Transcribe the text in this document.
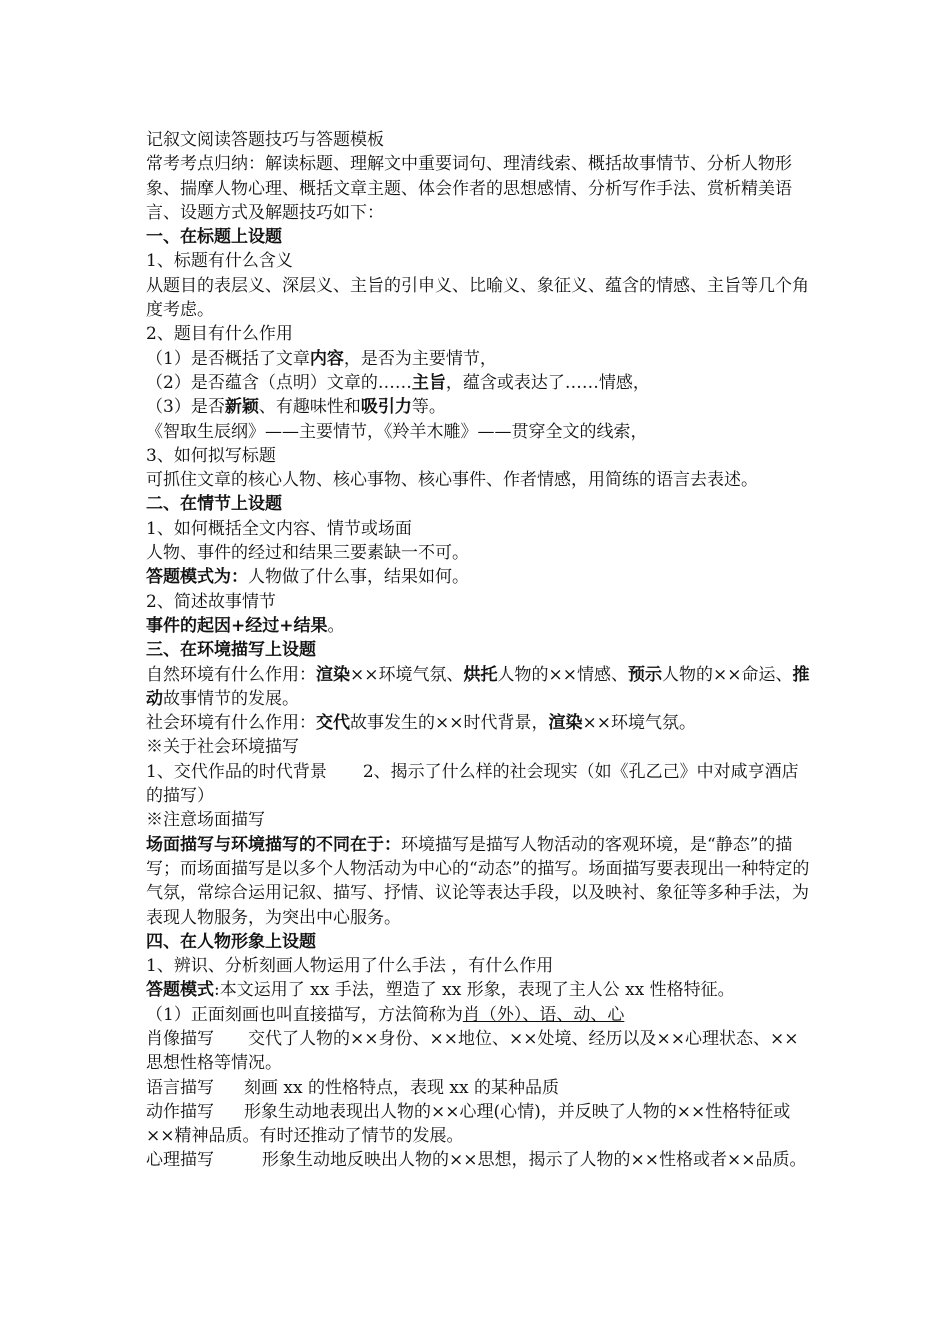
记叙文阅读答题技巧与答题模板

常考考点归纳：解读标题、理解文中重要词句、理清线索、概括故事情节、分析人物形象、揣摩人物心理、概括文章主题、体会作者的思想感情、分析写作手法、赏析精美语言、设题方式及解题技巧如下：

一、在标题上设题

1、标题有什么含义

从题目的表层义、深层义、主旨的引申义、比喻义、象征义、蕴含的情感、主旨等几个角度考虑。

2、题目有什么作用

（1）是否概括了文章内容，是否为主要情节，

（2）是否蕴含（点明）文章的……主旨，蕴含或表达了……情感，

（3）是否新颖、有趣味性和吸引力等。

《智取生辰纲》——主要情节，《羚羊木雕》——贯穿全文的线索，

3、如何拟写标题

可抓住文章的核心人物、核心事物、核心事件、作者情感，用简练的语言去表述。

二、在情节上设题

1、如何概括全文内容、情节或场面

人物、事件的经过和结果三要素缺一不可。

答题模式为：人物做了什么事，结果如何。

2、简述故事情节

事件的起因+经过+结果。

三、在环境描写上设题

自然环境有什么作用：渲染××环境气氛、烘托人物的××情感、预示人物的××命运、推动故事情节的发展。

社会环境有什么作用：交代故事发生的××时代背景，渲染××环境气氛。

※关于社会环境描写

1、交代作品的时代背景 2、揭示了什么样的社会现实（如《孔乙己》中对咸亨酒店的描写）

※注意场面描写

场面描写与环境描写的不同在于：环境描写是描写人物活动的客观环境，是“静态”的描写；而场面描写是以多个人物活动为中心的“动态”的描写。场面描写要表现出一种特定的气氛，常综合运用记叙、描写、抒情、议论等表达手段，以及映衬、象征等多种手法，为表现人物服务，为突出中心服务。

四、在人物形象上设题

1、辨识、分析刻画人物运用了什么手法 ，有什么作用

答题模式:本文运用了 xx 手法，塑造了 xx 形象，表现了主人公 xx 性格特征。

（1）正面刻画也叫直接描写，方法简称为肖（外）、语、动、心

肖像描写 交代了人物的××身份、××地位、××处境、经历以及××心理状态、××思想性格等情况。

语言描写 刻画 xx 的性格特点，表现 xx 的某种品质

动作描写 形象生动地表现出人物的××心理(心情)，并反映了人物的××性格特征或××精神品质。有时还推动了情节的发展。

心理描写	形象生动地反映出人物的××思想，揭示了人物的××性格或者××品质。
